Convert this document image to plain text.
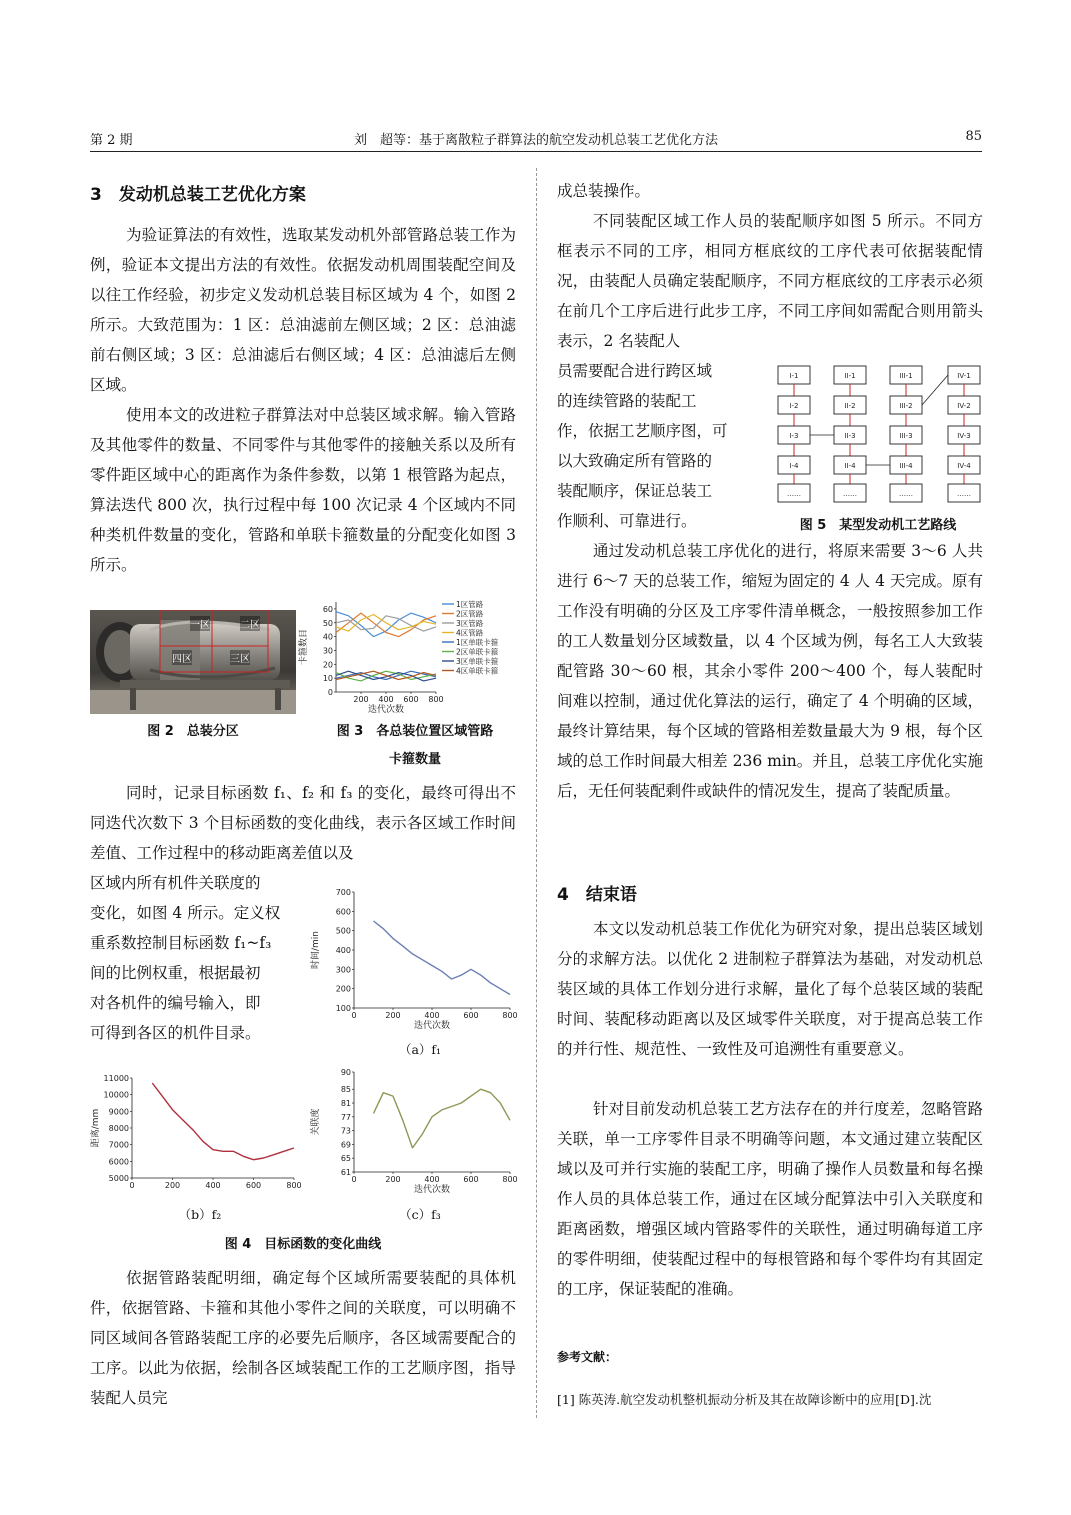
第 2 期	刘　超等：基于离散粒子群算法的航空发动机总装工艺优化方法	85
3　发动机总装工艺优化方案

为验证算法的有效性，选取某发动机外部管路总装工作为例，验证本文提出方法的有效性。依据发动机周围装配空间及以往工作经验，初步定义发动机总装目标区域为 4 个，如图 2 所示。大致范围为：1 区：总油滤前左侧区域；2 区：总油滤前右侧区域；3 区：总油滤后右侧区域；4 区：总油滤后左侧区域。

使用本文的改进粒子群算法对中总装区域求解。输入管路及其他零件的数量、不同零件与其他零件的接触关系以及所有零件距区域中心的距离作为条件参数，以第 1 根管路为起点，算法迭代 800 次，执行过程中每 100 次记录 4 个区域内不同种类机件数量的变化，管路和单联卡箍数量的分配变化如图 3 所示。

一区	二区
三区
四区
图 2　总装分区
0
10
20
30
40
50
60
200 400 600 800
迭代次数
卡箍数目
1区管路
2区管路
3区管路
4区管路
1区单联卡箍
2区单联卡箍
3区单联卡箍
4区单联卡箍
图 3　各总装位置区域管路
卡箍数量

同时，记录目标函数 f₁、f₂ 和 f₃ 的变化，最终可得出不同迭代次数下 3 个目标函数的变化曲线，表示各区域工作时间差值、工作过程中的移动距离差值以及

区域内所有机件关联度的
变化，如图 4 所示。定义权
重系数控制目标函数 f₁~f₃
间的比例权重，根据最初
对各机件的编号输入，即
可得到各区的机件目录。
100
200
300
400
500
600
700
0	200	400	600	800
迭代次数
时间/min
（a）f₁
5000
6000
7000
8000
9000
10000
11000
0	200	400	600	800
距离/mm
（b）f₂
61
65
69
73
77
81
85
90
0	200	400	600	800
迭代次数
关联度
（c）f₃
图 4　目标函数的变化曲线

依据管路装配明细，确定每个区域所需要装配的具体机件，依据管路、卡箍和其他小零件之间的关联度，可以明确不同区域间各管路装配工序的必要先后顺序，各区域需要配合的工序。以此为依据，绘制各区域装配工作的工艺顺序图，指导装配人员完

成总装操作。

不同装配区域工作人员的装配顺序如图 5 所示。不同方框表示不同的工序，相同方框底纹的工序代表可依据装配情况，由装配人员确定装配顺序，不同方框底纹的工序表示必须在前几个工序后进行此步工序，不同工序间如需配合则用箭头表示，2 名装配人

员需要配合进行跨区域
的连续管路的装配工
作，依据工艺顺序图，可
以大致确定所有管路的
装配顺序，保证总装工
作顺利、可靠进行。
I-1
I-2
I-3
I-4
……
II-1
II-2
II-3
II-4
……
III-1
III-2
III-3
III-4
……
IV-1
IV-2
IV-3
IV-4
……
图 5　某型发动机工艺路线

通过发动机总装工序优化的进行，将原来需要 3～6 人共进行 6～7 天的总装工作，缩短为固定的 4 人 4 天完成。原有工作没有明确的分区及工序零件清单概念，一般按照参加工作的工人数量划分区域数量，以 4 个区域为例，每名工人大致装配管路 30～60 根，其余小零件 200～400 个，每人装配时间难以控制，通过优化算法的运行，确定了 4 个明确的区域，最终计算结果，每个区域的管路相差数量最大为 9 根，每个区域的总工作时间最大相差 236 min。并且，总装工序优化实施后，无任何装配剩件或缺件的情况发生，提高了装配质量。

4　结束语

本文以发动机总装工作优化为研究对象，提出总装区域划分的求解方法。以优化 2 进制粒子群算法为基础，对发动机总装区域的具体工作划分进行求解，量化了每个总装区域的装配时间、装配移动距离以及区域零件关联度，对于提高总装工作的并行性、规范性、一致性及可追溯性有重要意义。

针对目前发动机总装工艺方法存在的并行度差，忽略管路关联，单一工序零件目录不明确等问题，本文通过建立装配区域以及可并行实施的装配工序，明确了操作人员数量和每名操作人员的具体总装工作，通过在区域分配算法中引入关联度和距离函数，增强区域内管路零件的关联性，通过明确每道工序的零件明细，使装配过程中的每根管路和每个零件均有其固定的工序，保证装配的准确。

参考文献：
[1] 陈英涛.航空发动机整机振动分析及其在故障诊断中的应用[D].沈
